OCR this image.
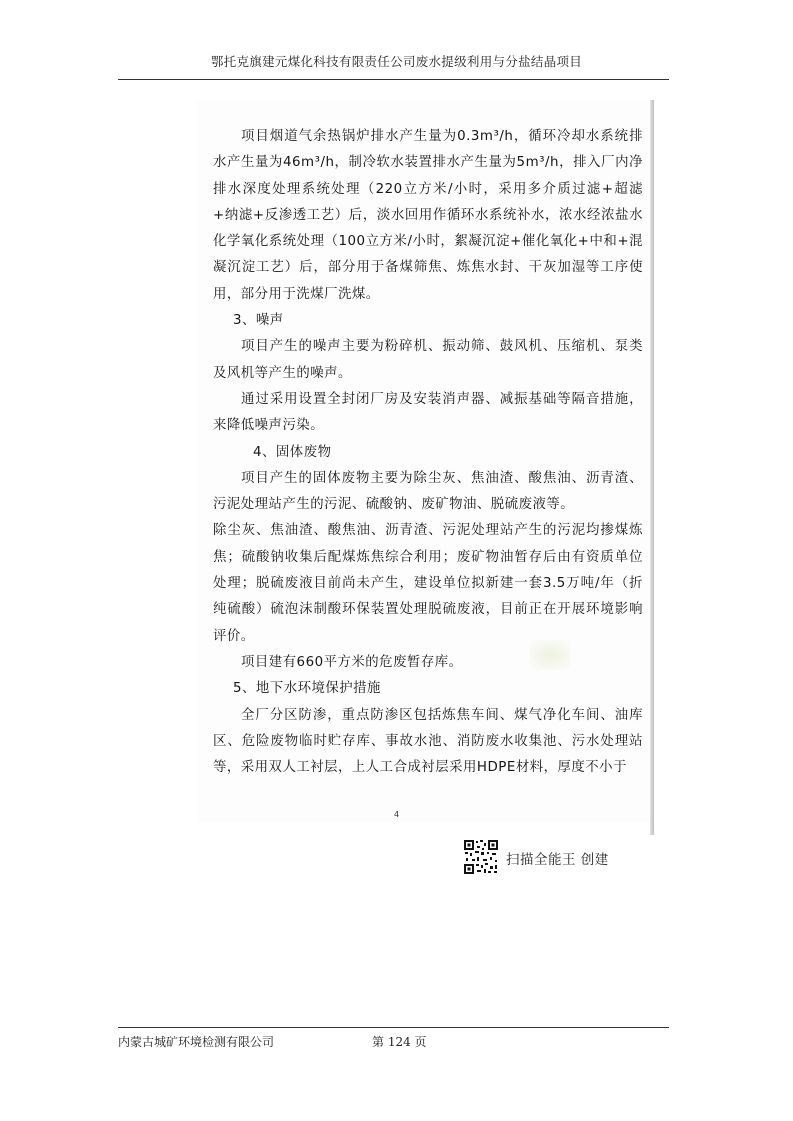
鄂托克旗建元煤化科技有限责任公司废水提级利用与分盐结晶项目

项目烟道气余热锅炉排水产生量为0.3m³/h，循环冷却水系统排水产生量为46m³/h，制冷软水装置排水产生量为5m³/h，排入厂内净排水深度处理系统处理（220立方米/小时，采用多介质过滤+超滤+纳滤+反渗透工艺）后，淡水回用作循环水系统补水，浓水经浓盐水化学氧化系统处理（100立方米/小时，絮凝沉淀+催化氧化+中和+混凝沉淀工艺）后，部分用于备煤筛焦、炼焦水封、干灰加湿等工序使用，部分用于洗煤厂洗煤。

3、噪声

项目产生的噪声主要为粉碎机、振动筛、鼓风机、压缩机、泵类及风机等产生的噪声。

通过采用设置全封闭厂房及安装消声器、减振基础等隔音措施，来降低噪声污染。

4、固体废物

项目产生的固体废物主要为除尘灰、焦油渣、酸焦油、沥青渣、污泥处理站产生的污泥、硫酸钠、废矿物油、脱硫废液等。

除尘灰、焦油渣、酸焦油、沥青渣、污泥处理站产生的污泥均掺煤炼焦；硫酸钠收集后配煤炼焦综合利用；废矿物油暂存后由有资质单位处理；脱硫废液目前尚未产生，建设单位拟新建一套3.5万吨/年（折纯硫酸）硫泡沫制酸环保装置处理脱硫废液，目前正在开展环境影响评价。

项目建有660平方米的危废暂存库。

5、地下水环境保护措施

全厂分区防渗，重点防渗区包括炼焦车间、煤气净化车间、油库区、危险废物临时贮存库、事故水池、消防废水收集池、污水处理站等，采用双人工衬层，上人工合成衬层采用HDPE材料，厚度不小于

4
扫描全能王 创建
内蒙古城矿环境检测有限公司	第 124 页
